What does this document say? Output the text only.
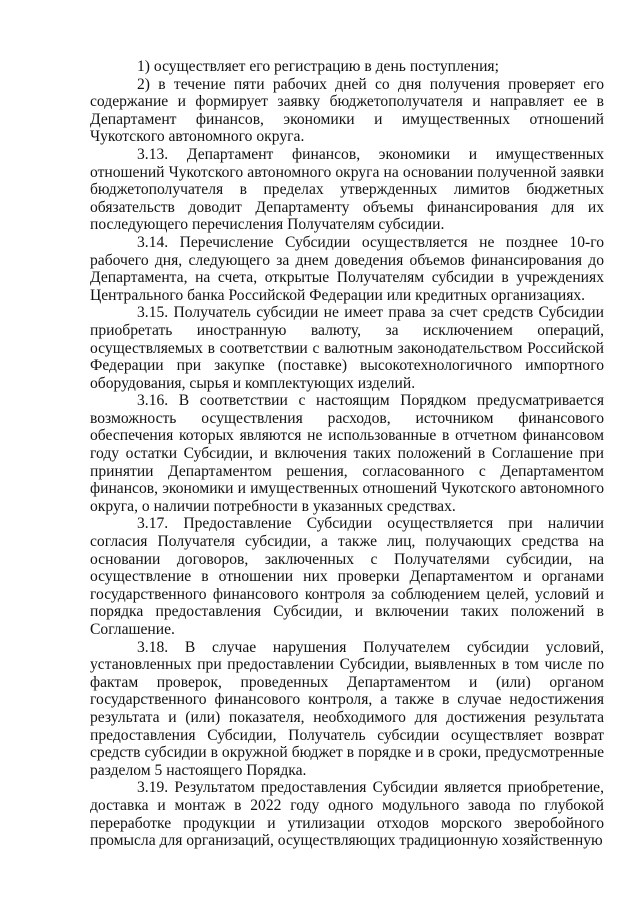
1) осуществляет его регистрацию в день поступления;

2) в течение пяти рабочих дней со дня получения проверяет его содержание и формирует заявку бюджетополучателя и направляет ее в Департамент финансов, экономики и имущественных отношений Чукотского автономного округа.

3.13. Департамент финансов, экономики и имущественных отношений Чукотского автономного округа на основании полученной заявки бюджетополучателя в пределах утвержденных лимитов бюджетных обязательств доводит Департаменту объемы финансирования для их последующего перечисления Получателям субсидии.

3.14. Перечисление Субсидии осуществляется не позднее 10-го рабочего дня, следующего за днем доведения объемов финансирования до Департамента, на счета, открытые Получателям субсидии в учреждениях Центрального банка Российской Федерации или кредитных организациях.

3.15. Получатель субсидии не имеет права за счет средств Субсидии приобретать иностранную валюту, за исключением операций, осуществляемых в соответствии с валютным законодательством Российской Федерации при закупке (поставке) высокотехнологичного импортного оборудования, сырья и комплектующих изделий.

3.16. В соответствии с настоящим Порядком предусматривается возможность осуществления расходов, источником финансового обеспечения которых являются не использованные в отчетном финансовом году остатки Субсидии, и включения таких положений в Соглашение при принятии Департаментом решения, согласованного с Департаментом финансов, экономики и имущественных отношений Чукотского автономного округа, о наличии потребности в указанных средствах.

3.17. Предоставление Субсидии осуществляется при наличии согласия Получателя субсидии, а также лиц, получающих средства на основании договоров, заключенных с Получателями субсидии, на осуществление в отношении них проверки Департаментом и органами государственного финансового контроля за соблюдением целей, условий и порядка предоставления Субсидии, и включении таких положений в Соглашение.

3.18. В случае нарушения Получателем субсидии условий, установленных при предоставлении Субсидии, выявленных в том числе по фактам проверок, проведенных Департаментом и (или) органом государственного финансового контроля, а также в случае недостижения результата и (или) показателя, необходимого для достижения результата предоставления Субсидии, Получатель субсидии осуществляет возврат средств субсидии в окружной бюджет в порядке и в сроки, предусмотренные разделом 5 настоящего Порядка.

3.19. Результатом предоставления Субсидии является приобретение, доставка и монтаж в 2022 году одного модульного завода по глубокой переработке продукции и утилизации отходов морского зверобойного промысла для организаций, осуществляющих традиционную хозяйственную
